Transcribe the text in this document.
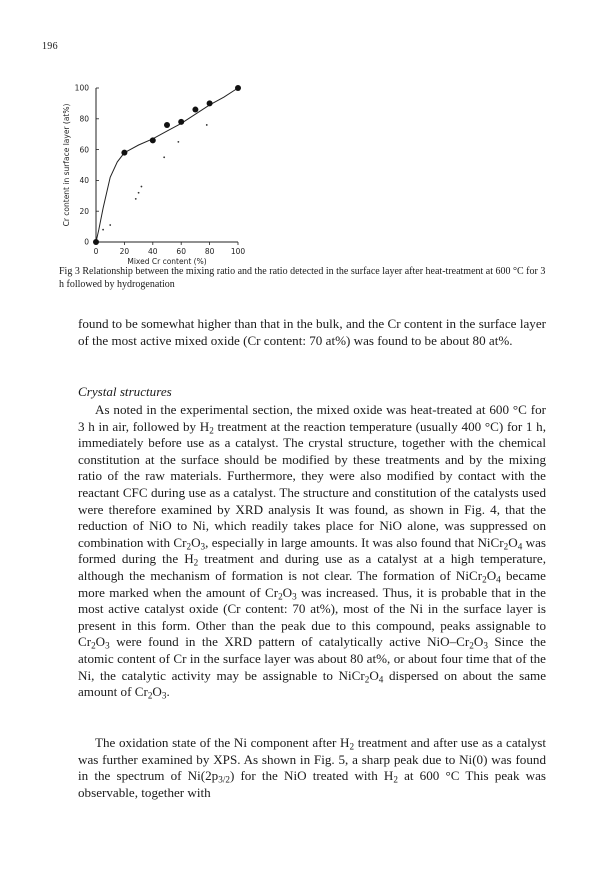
196
0	20	40	60	80 100
0
20
40
60
80
100
Mixed Cr content (%)
Cr content in surface layer (at%)
Fig 3 Relationship between the mixing ratio and the ratio detected in the surface layer after heat-treatment at 600 °C for 3 h followed by hydrogenation

found to be somewhat higher than that in the bulk, and the Cr content in the surface layer of the most active mixed oxide (Cr content: 70 at%) was found to be about 80 at%.

Crystal structures

As noted in the experimental section, the mixed oxide was heat-treated at 600 °C for 3 h in air, followed by $H_2$ treatment at the reaction temperature (usually 400 °C) for 1 h, immediately before use as a catalyst. The crystal structure, together with the chemical constitution at the surface should be modified by these treatments and by the mixing ratio of the raw materials. Furthermore, they were also modified by contact with the reactant CFC during use as a catalyst. The structure and constitution of the catalysts used were therefore examined by XRD analysis It was found, as shown in Fig. 4, that the reduction of NiO to Ni, which readily takes place for NiO alone, was suppressed on combination with $Cr_2O_3$, especially in large amounts. It was also found that $NiCr_2O_4$ was formed during the $H_2$ treatment and during use as a catalyst at a high temperature, although the mechanism of formation is not clear. The formation of $NiCr_2O_4$ became more marked when the amount of $Cr_2O_3$ was increased. Thus, it is probable that in the most active catalyst oxide (Cr content: 70 at%), most of the Ni in the surface layer is present in this form. Other than the peak due to this compound, peaks assignable to $Cr_2O_3$ were found in the XRD pattern of catalytically active NiO–$Cr_2O_3$ Since the atomic content of Cr in the surface layer was about 80 at%, or about four time that of the Ni, the catalytic activity may be assignable to $NiCr_2O_4$ dispersed on about the same amount of $Cr_2O_3$.

The oxidation state of the Ni component after $H_2$ treatment and after use as a catalyst was further examined by XPS. As shown in Fig. 5, a sharp peak due to Ni(0) was found in the spectrum of $Ni(2p_{3/2})$ for the NiO treated with $H_2$ at 600 °C This peak was observable, together with
